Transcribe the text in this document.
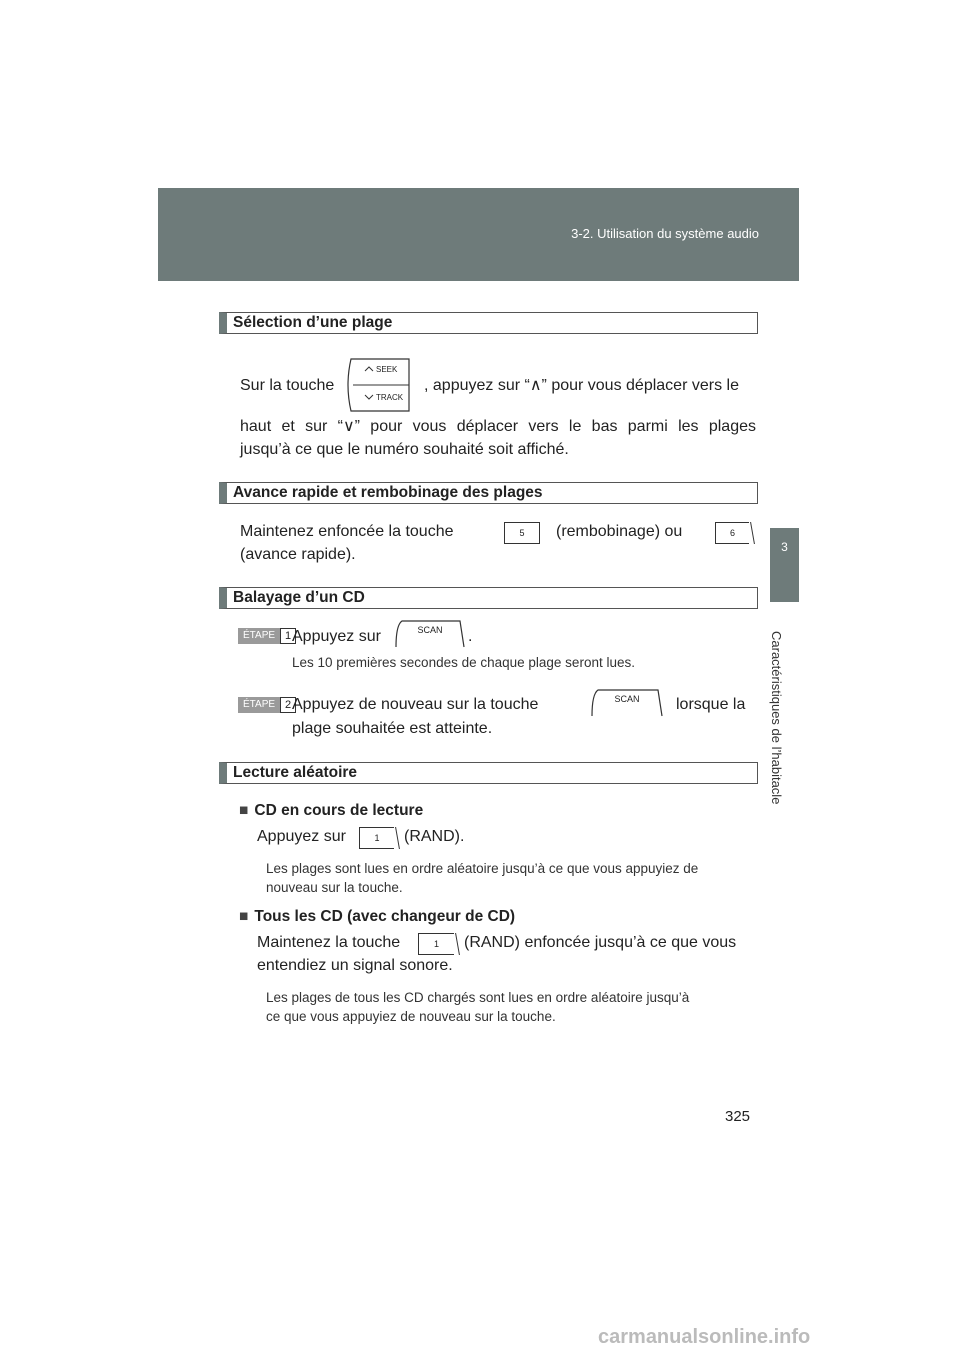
3-2. Utilisation du système audio
3
Caractéristiques de l’habitacle
Sélection d’une plage
Sur la touche
SEEK
TRACK
, appuyez sur “∧” pour vous déplacer vers le
haut et sur “∨” pour vous déplacer vers le bas parmi les plages
jusqu’à ce que le numéro souhaité soit affiché.
Avance rapide et rembobinage des plages
Maintenez enfoncée la touche	5	(rembobinage) ou	6
(avance rapide).
Balayage d’un CD
ÉTAPE 1 Appuyez sur	SCAN	.
Les 10 premières secondes de chaque plage seront lues.
ÉTAPE 2 Appuyez de nouveau sur la touche	SCAN	lorsque la
plage souhaitée est atteinte.
Lecture aléatoire
■ CD en cours de lecture
Appuyez sur	1	(RAND).
Les plages sont lues en ordre aléatoire jusqu’à ce que vous appuyiez de
nouveau sur la touche.
■ Tous les CD (avec changeur de CD)
Maintenez la touche	1	(RAND) enfoncée jusqu’à ce que vous
entendiez un signal sonore.
Les plages de tous les CD chargés sont lues en ordre aléatoire jusqu’à
ce que vous appuyiez de nouveau sur la touche.
325
carmanualsonline.info
